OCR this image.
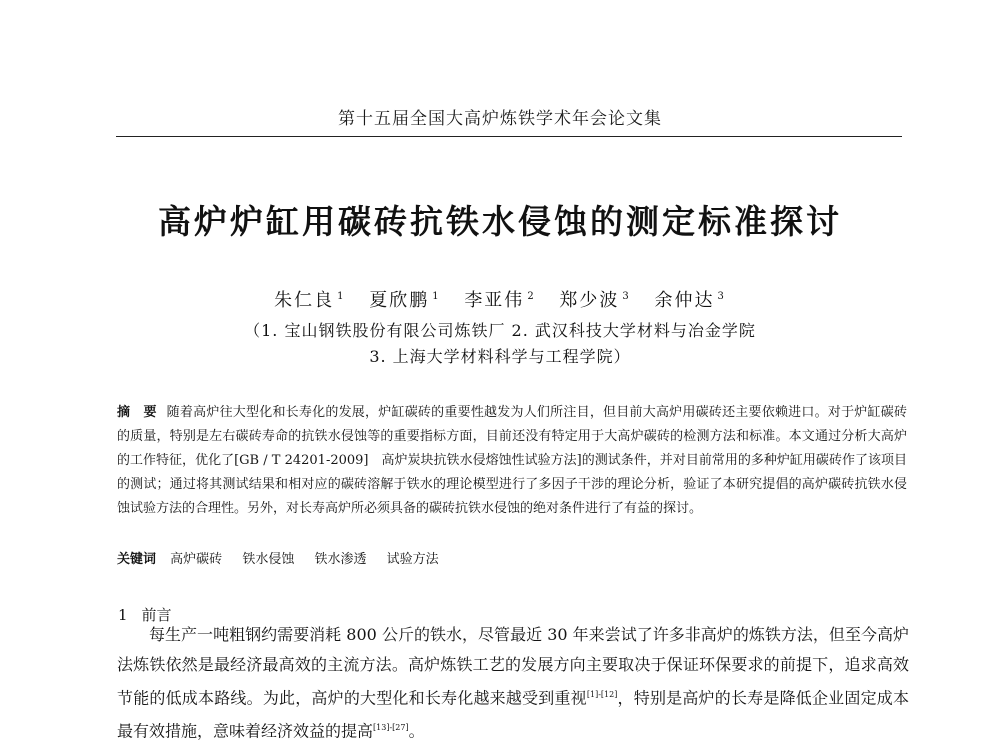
第十五届全国大高炉炼铁学术年会论文集
高炉炉缸用碳砖抗铁水侵蚀的测定标准探讨
朱仁良 $^1$ 夏欣鹏 $^1$ 李亚伟 $^2$ 郑少波 $^3$ 余仲达 $^3$
（1. 宝山钢铁股份有限公司炼铁厂 2. 武汉科技大学材料与冶金学院
3. 上海大学材料科学与工程学院）
摘　要 随着高炉往大型化和长寿化的发展，炉缸碳砖的重要性越发为人们所注目，但目前大高炉用碳砖还主要依赖进口。对于炉缸碳砖的质量，特别是左右碳砖寿命的抗铁水侵蚀等的重要指标方面，目前还没有特定用于大高炉碳砖的检测方法和标准。本文通过分析大高炉的工作特征，优化了[GB / T 24201-2009]　高炉炭块抗铁水侵熔蚀性试验方法]的测试条件，并对目前常用的多种炉缸用碳砖作了该项目的测试；通过将其测试结果和相对应的碳砖溶解于铁水的理论模型进行了多因子干涉的理论分析，验证了本研究提倡的高炉碳砖抗铁水侵蚀试验方法的合理性。另外，对长寿高炉所必须具备的碳砖抗铁水侵蚀的绝对条件进行了有益的探讨。
关键词 高炉碳砖 铁水侵蚀 铁水渗透 试验方法
1 前言
每生产一吨粗钢约需要消耗 800 公斤的铁水，尽管最近 30 年来尝试了许多非高炉的炼铁方法，但至今高炉法炼铁依然是最经济最高效的主流方法。高炉炼铁工艺的发展方向主要取决于保证环保要求的前提下，追求高效节能的低成本路线。为此，高炉的大型化和长寿化越来越受到重视[1]-[12]，特别是高炉的长寿是降低企业固定成本最有效措施，意味着经济效益的提高[13]-[27]。
